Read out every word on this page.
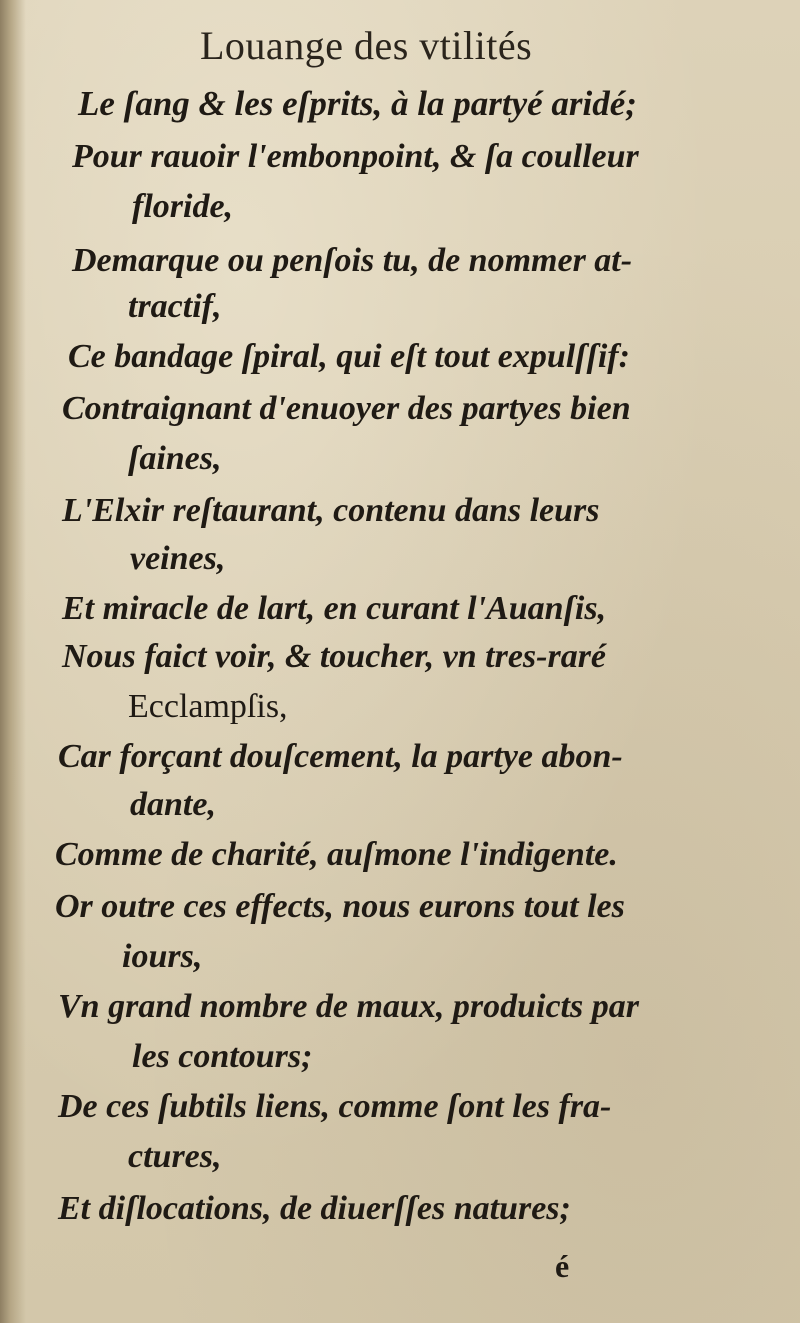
Louange des vtilités
Le ſang & les eſprits, à la partyé aridé;
Pour rauoir l'embonpoint, & ſa coulleur
floride,
Demarque ou penſois tu, de nommer at-
tractif,
Ce bandage ſpiral, qui eſt tout expulſſif:
Contraignant d'enuoyer des partyes bien
ſaines,
L'Elxir reſtaurant, contenu dans leurs
veines,
Et miracle de lart, en curant l'Auanſis,
Nous faict voir, & toucher, vn tres-raré
Ecclampſis,
Car forçant douſcement, la partye abon-
dante,
Comme de charité, auſmone l'indigente.
Or outre ces effects, nous eurons tout les
iours,
Vn grand nombre de maux, produicts par
les contours;
De ces ſubtils liens, comme ſont les fra-
ctures,
Et diſlocations, de diuerſſes natures;
é
